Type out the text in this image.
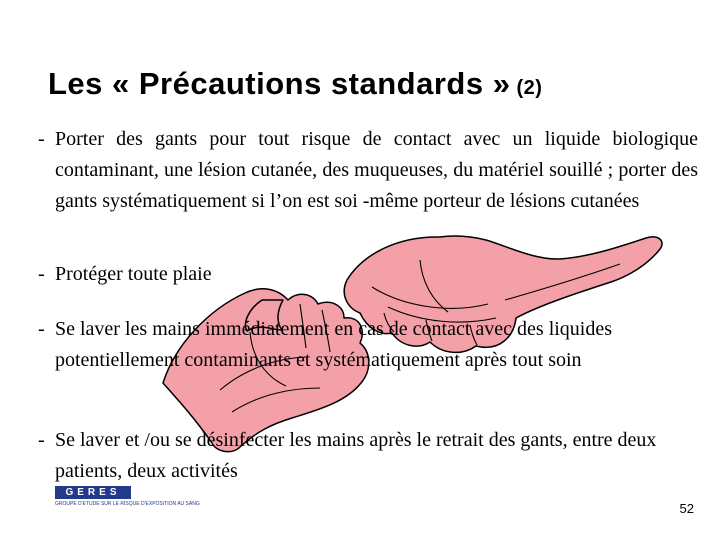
Les « Précautions standards » (2)
- Porter des gants pour tout risque de contact avec un liquide biologique contaminant, une lésion cutanée, des muqueuses, du matériel souillé ; porter des gants systématiquement si l’on est soi -même porteur de lésions cutanées
- Protéger toute plaie
- Se laver les mains immédiatement en cas de contact avec des liquides potentiellement contaminants et systématiquement après tout soin
- Se laver et /ou se désinfecter les mains après le retrait des gants, entre deux patients, deux activités
GERES
GROUPE D'ETUDE SUR LE RISQUE D'EXPOSITION AU SANG	52
